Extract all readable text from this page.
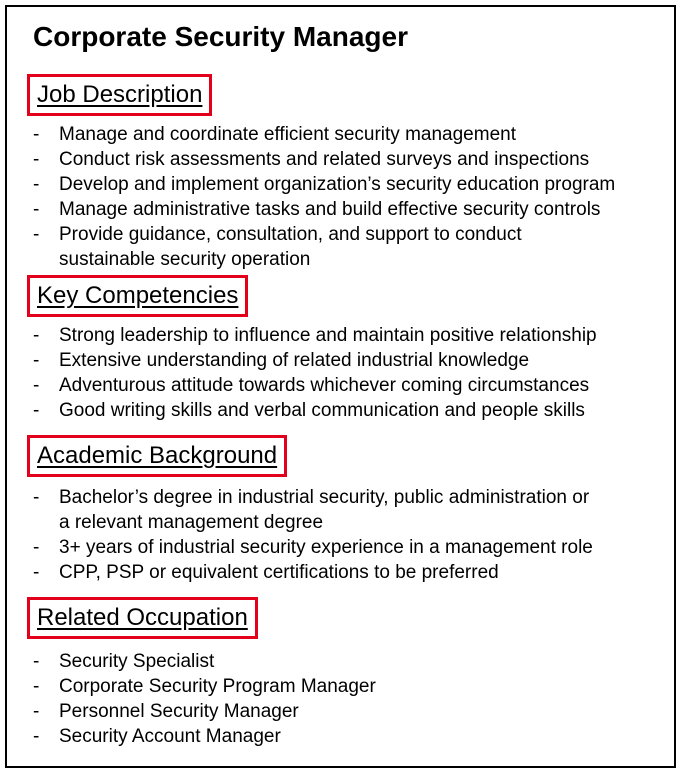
Corporate Security Manager
Job Description
- Manage and coordinate efficient security management
- Conduct risk assessments and related surveys and inspections
- Develop and implement organization’s security education program
- Manage administrative tasks and build effective security controls
- Provide guidance, consultation, and support to conduct
sustainable security operation
Key Competencies
- Strong leadership to influence and maintain positive relationship
- Extensive understanding of related industrial knowledge
- Adventurous attitude towards whichever coming circumstances
- Good writing skills and verbal communication and people skills
Academic Background
- Bachelor’s degree in industrial security, public administration or
a relevant management degree
- 3+ years of industrial security experience in a management role
- CPP, PSP or equivalent certifications to be preferred
Related Occupation
- Security Specialist
- Corporate Security Program Manager
- Personnel Security Manager
- Security Account Manager
